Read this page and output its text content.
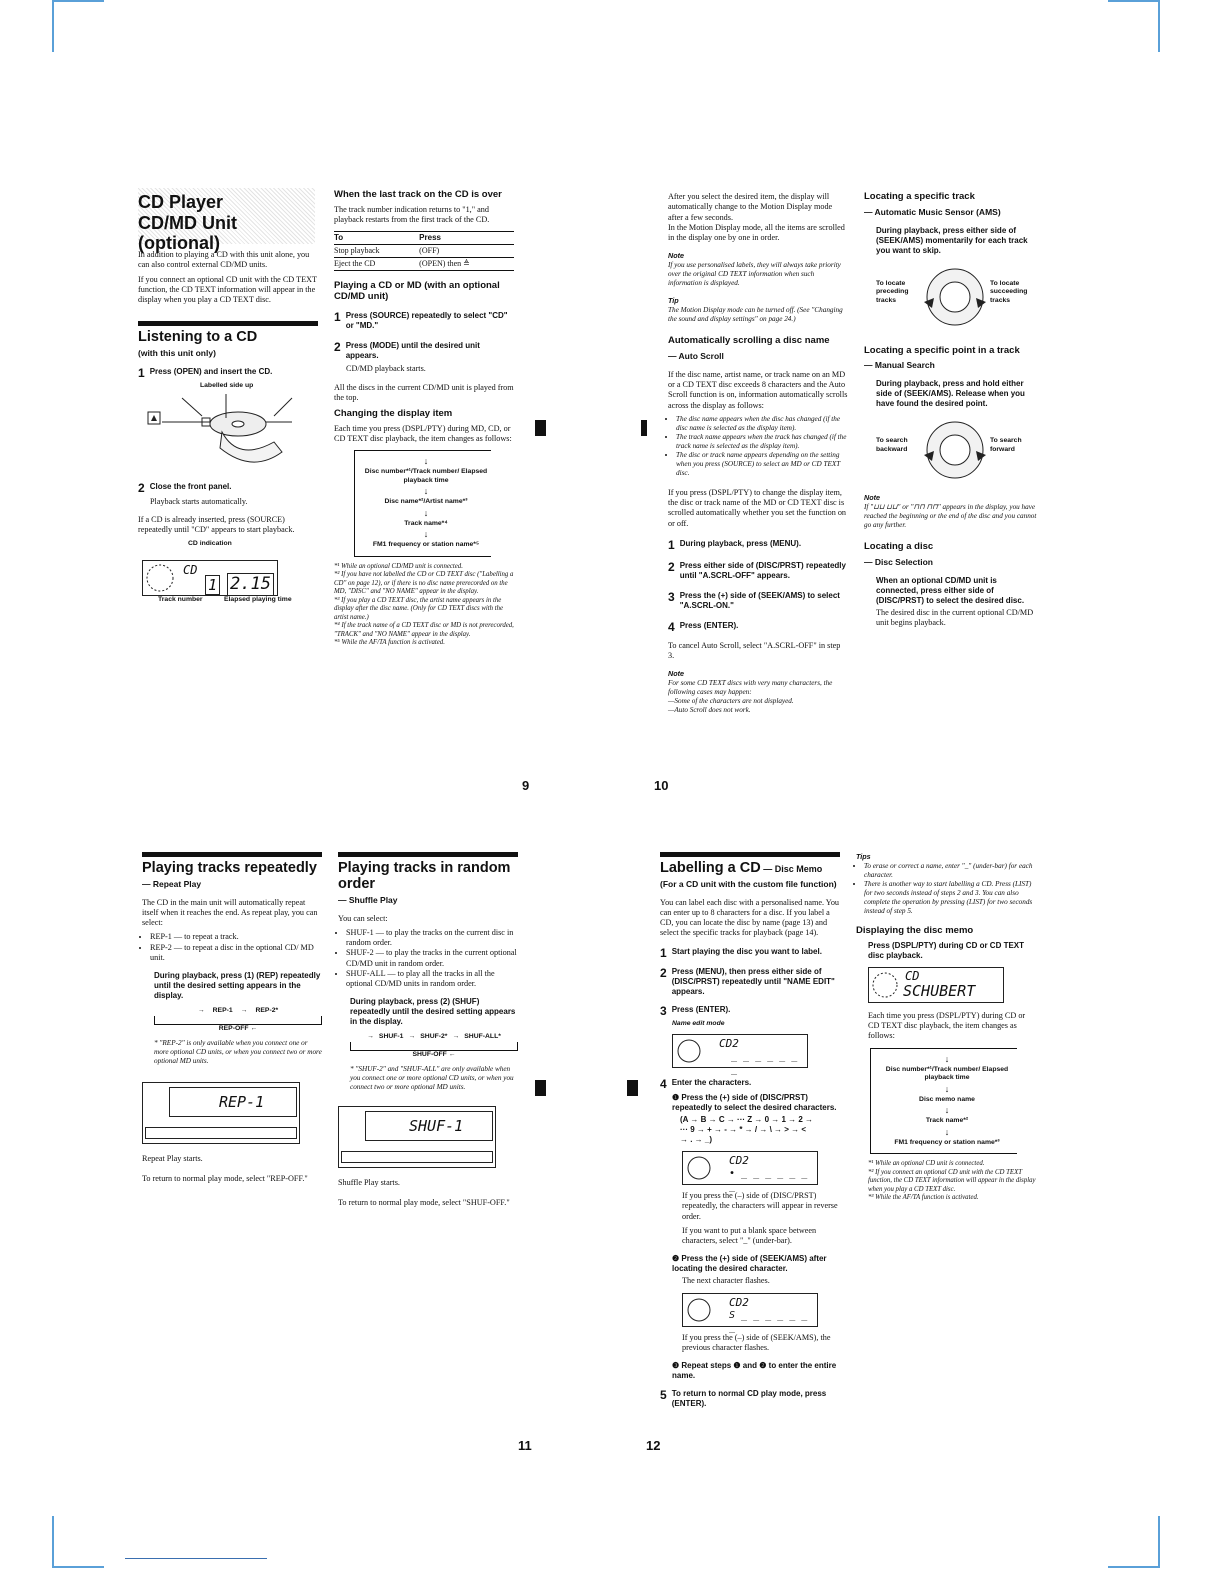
CD Player
CD/MD Unit (optional)

In addition to playing a CD with this unit alone, you can also control external CD/MD units.

If you connect an optional CD unit with the CD TEXT function, the CD TEXT information will appear in the display when you play a CD TEXT disc.

Listening to a CD
(with this unit only)
1 Press (OPEN) and insert the CD.
Labelled side up
2 Close the front panel.

Playback starts automatically.

If a CD is already inserted, press (SOURCE) repeatedly until "CD" appears to start playback.

CD indication
CD
1 2.15
Track number	Elapsed playing time
When the last track on the CD is over

The track number indication returns to "1," and playback restarts from the first track of the CD.

To	Press
Stop playback	(OFF)
Eject the CD	(OPEN) then ≜
Playing a CD or MD (with an optional CD/MD unit)
1 Press (SOURCE) repeatedly to select "CD" or "MD."
2 Press (MODE) until the desired unit appears.

CD/MD playback starts.

All the discs in the current CD/MD unit is played from the top.

Changing the display item

Each time you press (DSPL/PTY) during MD, CD, or CD TEXT disc playback, the item changes as follows:

↓
Disc number*¹/Track number/ Elapsed playback time
↓
Disc name*²/Artist name*³
↓
Track name*⁴
↓
FM1 frequency or station name*⁵
*¹ While an optional CD/MD unit is connected.
*² If you have not labelled the CD or CD TEXT disc ("Labelling a CD" on page 12), or if there is no disc name prerecorded on the MD, "DISC" and "NO NAME" appear in the display.
*³ If you play a CD TEXT disc, the artist name appears in the display after the disc name. (Only for CD TEXT discs with the artist name.)
*⁴ If the track name of a CD TEXT disc or MD is not prerecorded, "TRACK" and "NO NAME" appear in the display.
*⁵ While the AF/TA function is activated.
9

After you select the desired item, the display will automatically change to the Motion Display mode after a few seconds.

In the Motion Display mode, all the items are scrolled in the display one by one in order.

Note
If you use personalised labels, they will always take priority over the original CD TEXT information when such information is displayed.
Tip
The Motion Display mode can be turned off. (See "Changing the sound and display settings" on page 24.)
Automatically scrolling a disc name
— Auto Scroll

If the disc name, artist name, or track name on an MD or a CD TEXT disc exceeds 8 characters and the Auto Scroll function is on, information automatically scrolls across the display as follows:

• The disc name appears when the disc has changed (if the disc name is selected as the display item).
• The track name appears when the track has changed (if the track name is selected as the display item).
• The disc or track name appears depending on the setting when you press (SOURCE) to select an MD or CD TEXT disc.

If you press (DSPL/PTY) to change the display item, the disc or track name of the MD or CD TEXT disc is scrolled automatically whether you set the function on or off.

1 During playback, press (MENU).
2 Press either side of (DISC/PRST) repeatedly until "A.SCRL-OFF" appears.
3 Press the (+) side of (SEEK/AMS) to select "A.SCRL-ON."
4 Press (ENTER).

To cancel Auto Scroll, select "A.SCRL-OFF" in step 3.

Note
For some CD TEXT discs with very many characters, the following cases may happen:
—Some of the characters are not displayed.
—Auto Scroll does not work.
Locating a specific track
— Automatic Music Sensor (AMS)
During playback, press either side of (SEEK/AMS) momentarily for each track you want to skip.
To locate preceding tracks
To locate succeeding tracks
Locating a specific point in a track
— Manual Search
During playback, press and hold either side of (SEEK/AMS). Release when you have found the desired point.
To search backward
To search forward
Note
If "⊔⊔ ⊔⊔" or "⊓⊓ ⊓⊓" appears in the display, you have reached the beginning or the end of the disc and you cannot go any further.
Locating a disc
— Disc Selection
When an optional CD/MD unit is connected, press either side of (DISC/PRST) to select the desired disc.

The desired disc in the current optional CD/MD unit begins playback.

10
Playing tracks repeatedly
— Repeat Play

The CD in the main unit will automatically repeat itself when it reaches the end. As repeat play, you can select:

• REP-1 — to repeat a track.
• REP-2 — to repeat a disc in the optional CD/ MD unit.
During playback, press (1) (REP) repeatedly until the desired setting appears in the display.
→ REP-1 → REP-2*
REP-OFF ←
* "REP-2" is only available when you connect one or more optional CD units, or when you connect two or more optional MD units.
REP-1

Repeat Play starts.

To return to normal play mode, select "REP-OFF."

Playing tracks in random order
— Shuffle Play

You can select:

• SHUF-1 — to play the tracks on the current disc in random order.
• SHUF-2 — to play the tracks in the current optional CD/MD unit in random order.
• SHUF-ALL — to play all the tracks in all the optional CD/MD units in random order.
During playback, press (2) (SHUF) repeatedly until the desired setting appears in the display.
→ SHUF-1 → SHUF-2* → SHUF-ALL*
SHUF-OFF ←
* "SHUF-2" and "SHUF-ALL" are only available when you connect one or more optional CD units, or when you connect two or more optional MD units.
SHUF-1

Shuffle Play starts.

To return to normal play mode, select "SHUF-OFF."

11
Labelling a CD — Disc Memo
(For a CD unit with the custom file function)

You can label each disc with a personalised name. You can enter up to 8 characters for a disc. If you label a CD, you can locate the disc by name (page 13) and select the specific tracks for playback (page 14).

1 Start playing the disc you want to label.
2 Press (MENU), then press either side of (DISC/PRST) repeatedly until "NAME EDIT" appears.
3 Press (ENTER).
Name edit mode
CD2
_ _ _ _ _ _ _
4 Enter the characters.
❶ Press the (+) side of (DISC/PRST) repeatedly to select the desired characters.
(A → B → C → ··· Z → 0 → 1 → 2 →
··· 9 → + → - → * → / → \ → > → <
→ . → _)
CD2
∙ _ _ _ _ _ _ _

If you press the (–) side of (DISC/PRST) repeatedly, the characters will appear in reverse order.

If you want to put a blank space between characters, select "_" (under-bar).

❷ Press the (+) side of (SEEK/AMS) after locating the desired character.

The next character flashes.

CD2
S _ _ _ _ _ _ _

If you press the (–) side of (SEEK/AMS), the previous character flashes.

❸ Repeat steps ❶ and ❷ to enter the entire name.
5 To return to normal CD play mode, press (ENTER).
Tips
• To erase or correct a name, enter "_" (under-bar) for each character.
• There is another way to start labelling a CD. Press (LIST) for two seconds instead of steps 2 and 3. You can also complete the operation by pressing (LIST) for two seconds instead of step 5.
Displaying the disc memo
Press (DSPL/PTY) during CD or CD TEXT disc playback.
CD
SCHUBERT

Each time you press (DSPL/PTY) during CD or CD TEXT disc playback, the item changes as follows:

↓
Disc number*¹/Track number/ Elapsed playback time
↓
Disc memo name
↓
Track name*²
↓
FM1 frequency or station name*³
*¹ While an optional CD unit is connected.
*² If you connect an optional CD unit with the CD TEXT function, the CD TEXT information will appear in the display when you play a CD TEXT disc.
*³ While the AF/TA function is activated.
12
